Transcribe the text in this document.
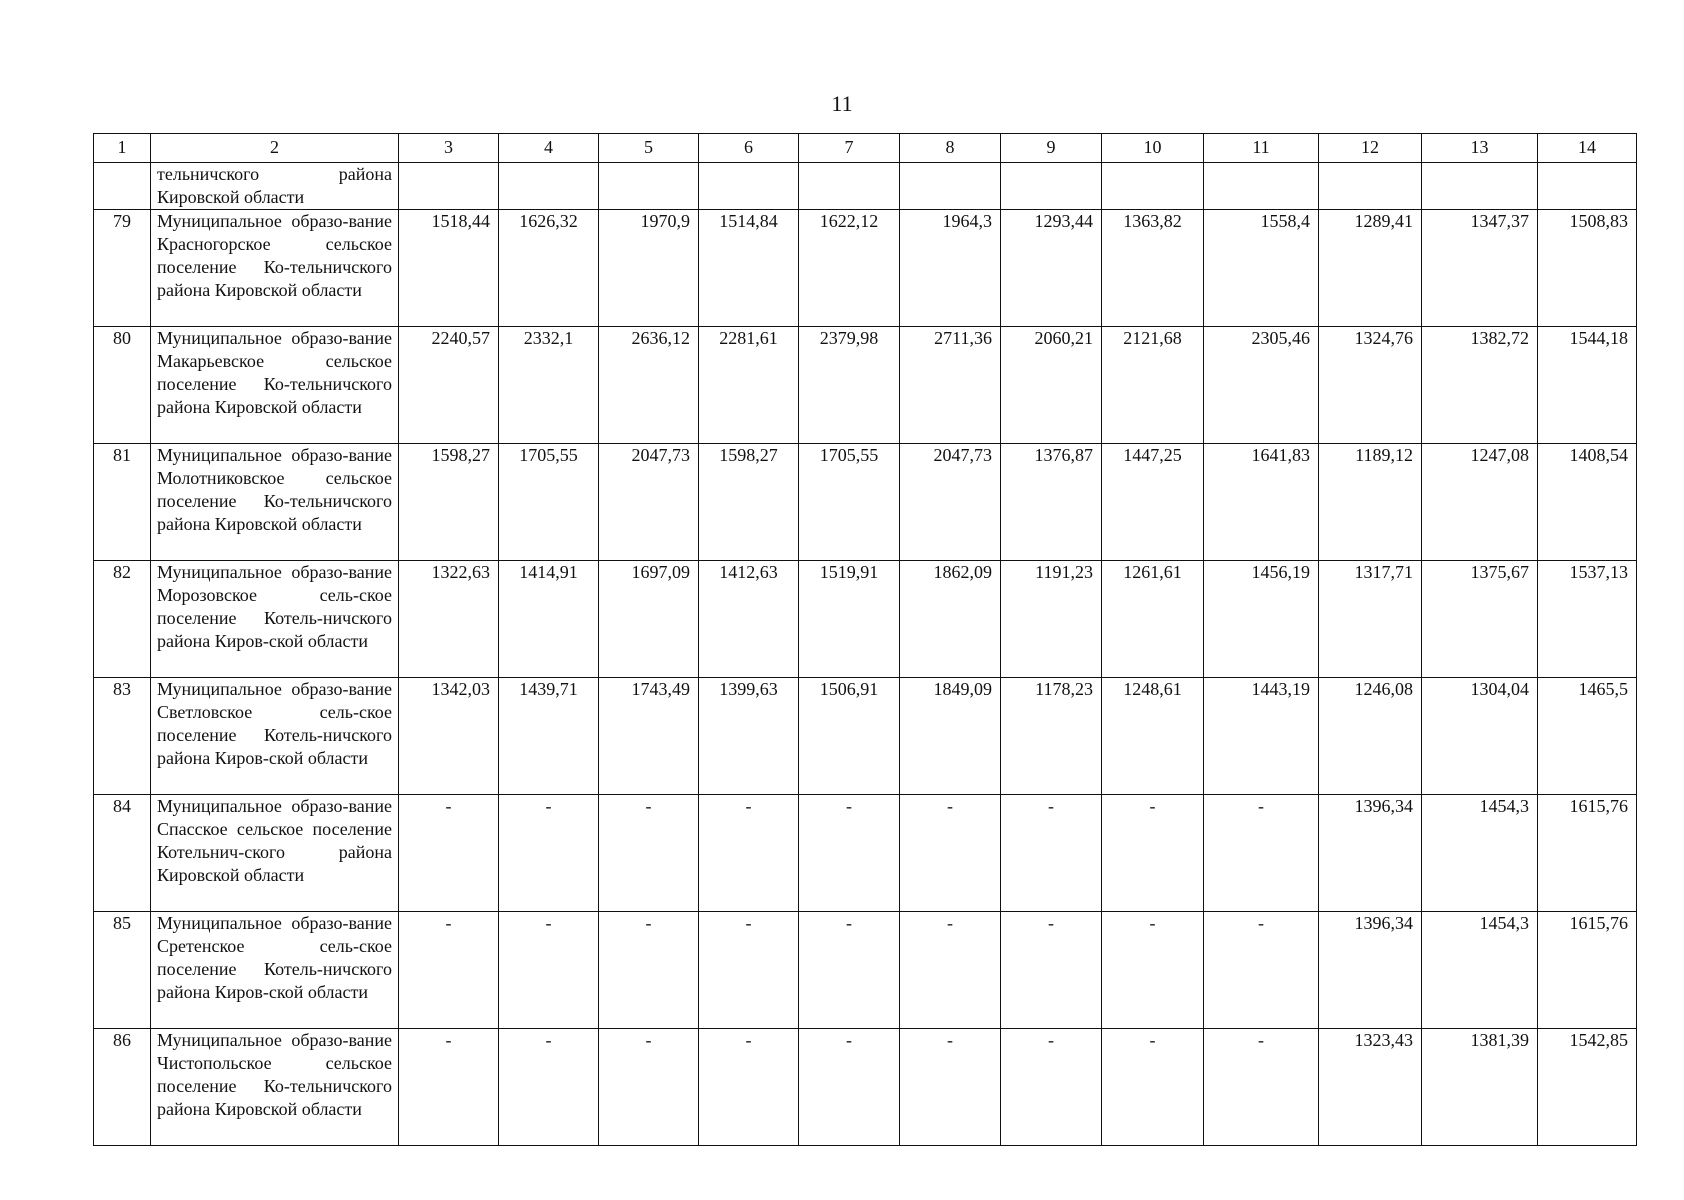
11
1	2	3	4	5	6	7	8	9	10	11	12	13	14
	тельничского района Кировской области												
79	Муниципальное образо-вание Красногорское сельское поселение Ко-тельничского района Кировской области	1518,44	1626,32	1970,9	1514,84	1622,12	1964,3	1293,44	1363,82	1558,4	1289,41	1347,37	1508,83
80	Муниципальное образо-вание Макарьевское сельское поселение Ко-тельничского района Кировской области	2240,57	2332,1	2636,12	2281,61	2379,98	2711,36	2060,21	2121,68	2305,46	1324,76	1382,72	1544,18
81	Муниципальное образо-вание Молотниковское сельское поселение Ко-тельничского района Кировской области	1598,27	1705,55	2047,73	1598,27	1705,55	2047,73	1376,87	1447,25	1641,83	1189,12	1247,08	1408,54
82	Муниципальное образо-вание Морозовское сель-ское поселение Котель-ничского района Киров-ской области	1322,63	1414,91	1697,09	1412,63	1519,91	1862,09	1191,23	1261,61	1456,19	1317,71	1375,67	1537,13
83	Муниципальное образо-вание Светловское сель-ское поселение Котель-ничского района Киров-ской области	1342,03	1439,71	1743,49	1399,63	1506,91	1849,09	1178,23	1248,61	1443,19	1246,08	1304,04	1465,5
84	Муниципальное образо-вание Спасское сельское поселение Котельнич-ского района Кировской области	-	-	-	-	-	-	-	-	-	1396,34	1454,3	1615,76
85	Муниципальное образо-вание Сретенское сель-ское поселение Котель-ничского района Киров-ской области	-	-	-	-	-	-	-	-	-	1396,34	1454,3	1615,76
86	Муниципальное образо-вание Чистопольское сельское поселение Ко-тельничского района Кировской области	-	-	-	-	-	-	-	-	-	1323,43	1381,39	1542,85
